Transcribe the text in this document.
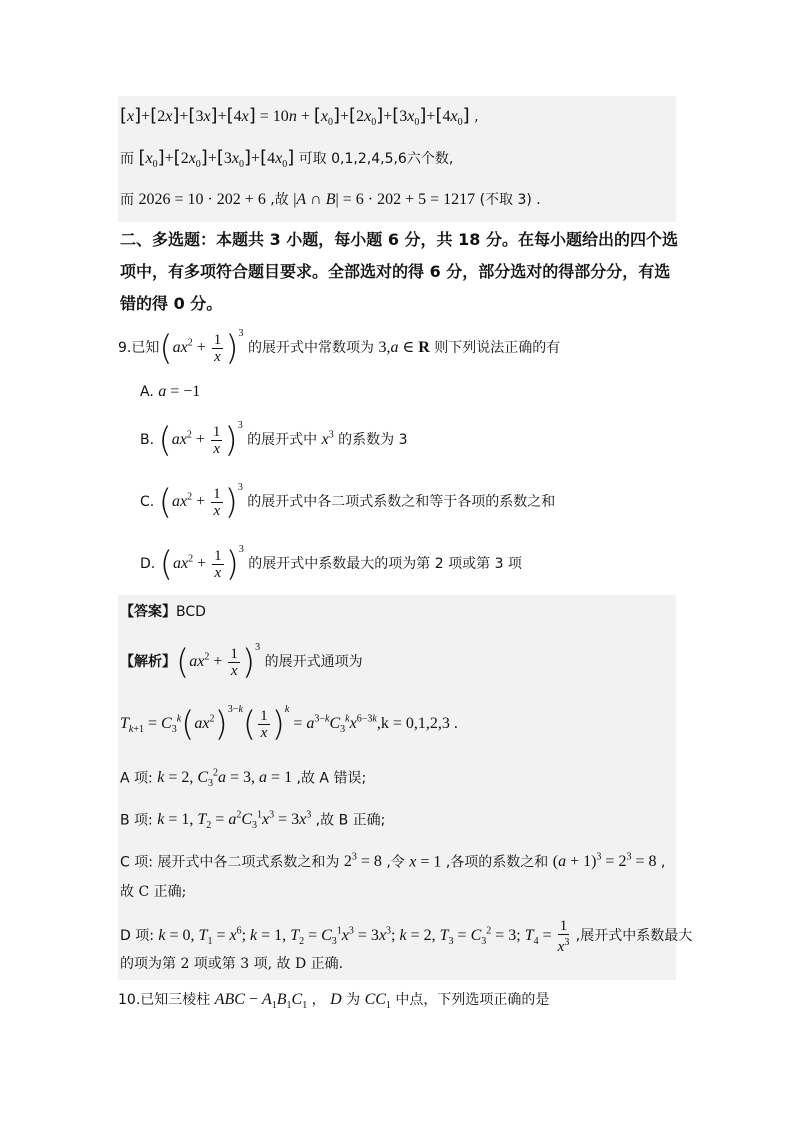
$[x]+[2x]+[3x]+[4x] = 10n + [x_0]+[2x_0]+[3x_0]+[4x_0]$ ,
而 $[x_0]+[2x_0]+[3x_0]+[4x_0]$ 可取 0,1,2,4,5,6六个数,
而 2026 = 10 · 202 + 6 ,故 |A ∩ B| = 6 · 202 + 5 = 1217 (不取 3) .
二、多选题：本题共 3 小题，每小题 6 分，共 18 分。在每小题给出的四个选
项中，有多项符合题目要求。全部选对的得 6 分，部分选对的得部分分，有选
错的得 0 分。
9.已知$(ax^2 + \frac{1}{x} )^3$ 的展开式中常数项为 3,a ∈ R 则下列说法正确的有
A. a = −1
B. $(ax^2 + \frac{1}{x} )^3$ 的展开式中 $x^3$ 的系数为 3
C. $(ax^2 + \frac{1}{x} )^3$ 的展开式中各二项式系数之和等于各项的系数之和
D. $(ax^2 + \frac{1}{x} )^3$ 的展开式中系数最大的项为第 2 项或第 3 项
【答案】BCD
【解析】$(ax^2 + \frac{1}{x} )^3$ 的展开式通项为
$T_{k+1} = C_3^k(ax^2)^{3-k}( \frac{1}{x} )^k = a^{3-k}C_3^kx^{6-3k},k = 0,1,2,3$ .
A 项: k = 2, $C_3^2a = 3$, a = 1 ,故 A 错误;
B 项: k = 1, $T_2 = a^2C_3^1x^3 = 3x^3$ ,故 B 正确;
C 项: 展开式中各二项式系数之和为 $2^3 = 8$ ,令 x = 1 ,各项的系数之和 $(a + 1)^3 = 2^3 = 8$ ,
故 C 正确;
D 项: k = 0, $T_1 = x^6$; k = 1, $T_2 = C_3^1x^3 = 3x^3$; k = 2, $T_3 = C_3^2 = 3$; $T_4 = \frac{1}{x^3}$ ,展开式中系数最大
的项为第 2 项或第 3 项, 故 D 正确.
10.已知三棱柱 ABC − $A_1B_1C_1$ ， D 为 $CC_1$ 中点，下列选项正确的是
